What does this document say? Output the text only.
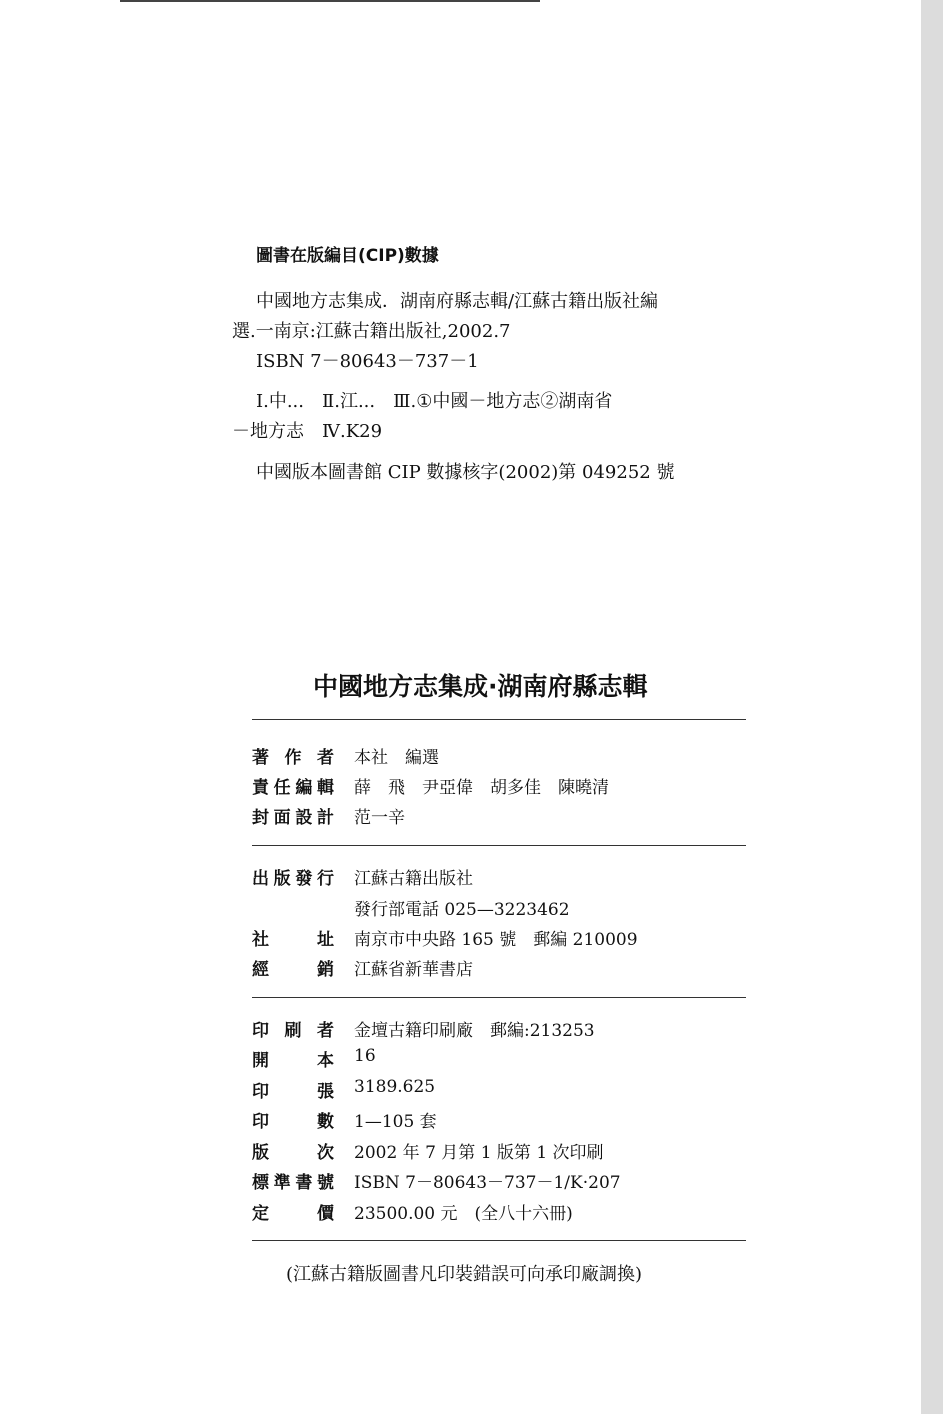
圖書在版編目(CIP)數據
中國地方志集成．湖南府縣志輯/江蘇古籍出版社編
選.一南京:江蘇古籍出版社,2002.7
ISBN 7－80643－737－1
Ⅰ.中...　Ⅱ.江...　Ⅲ.①中國－地方志②湖南省
－地方志　Ⅳ.K29
中國版本圖書館 CIP 數據核字(2002)第 049252 號
中國地方志集成·湖南府縣志輯
著作者 本社　編選
責任編輯 薛　飛　尹亞偉　胡多佳　陳曉清
封面設計 范一辛
出版發行 江蘇古籍出版社
發行部電話 025—3223462
社址 南京市中央路 165 號　郵編 210009
經銷 江蘇省新華書店
印刷者 金壇古籍印刷廠　郵編:213253
開本 16
印張 3189.625
印數 1—105 套
版次 2002 年 7 月第 1 版第 1 次印刷
標準書號 ISBN 7－80643－737－1/K·207
定價 23500.00 元　(全八十六冊)
(江蘇古籍版圖書凡印裝錯誤可向承印廠調換)
